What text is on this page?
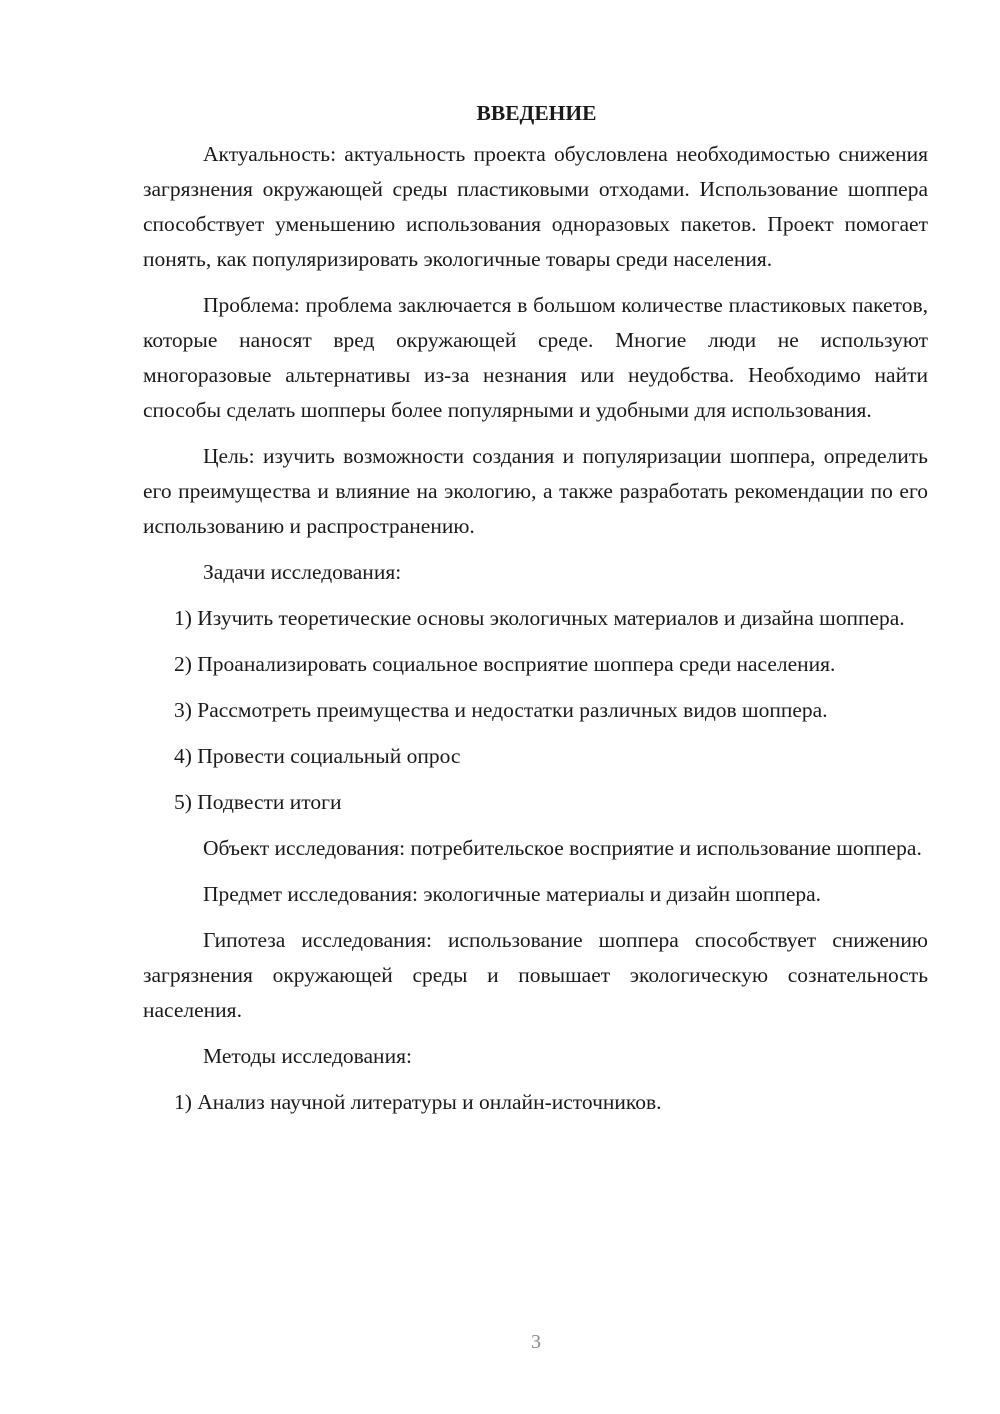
ВВЕДЕНИЕ

Актуальность: актуальность проекта обусловлена необходимостью снижения загрязнения окружающей среды пластиковыми отходами. Использование шоппера способствует уменьшению использования одноразовых пакетов. Проект помогает понять, как популяризировать экологичные товары среди населения.

Проблема: проблема заключается в большом количестве пластиковых пакетов, которые наносят вред окружающей среде. Многие люди не используют многоразовые альтернативы из-за незнания или неудобства. Необходимо найти способы сделать шопперы более популярными и удобными для использования.

Цель: изучить возможности создания и популяризации шоппера, определить его преимущества и влияние на экологию, а также разработать рекомендации по его использованию и распространению.

Задачи исследования:

1) Изучить теоретические основы экологичных материалов и дизайна шоппера.

2) Проанализировать социальное восприятие шоппера среди населения.

3) Рассмотреть преимущества и недостатки различных видов шоппера.

4) Провести социальный опрос

5) Подвести итоги

Объект исследования: потребительское восприятие и использование шоппера.

Предмет исследования: экологичные материалы и дизайн шоппера.

Гипотеза исследования: использование шоппера способствует снижению загрязнения окружающей среды и повышает экологическую сознательность населения.

Методы исследования:

1) Анализ научной литературы и онлайн-источников.

3
